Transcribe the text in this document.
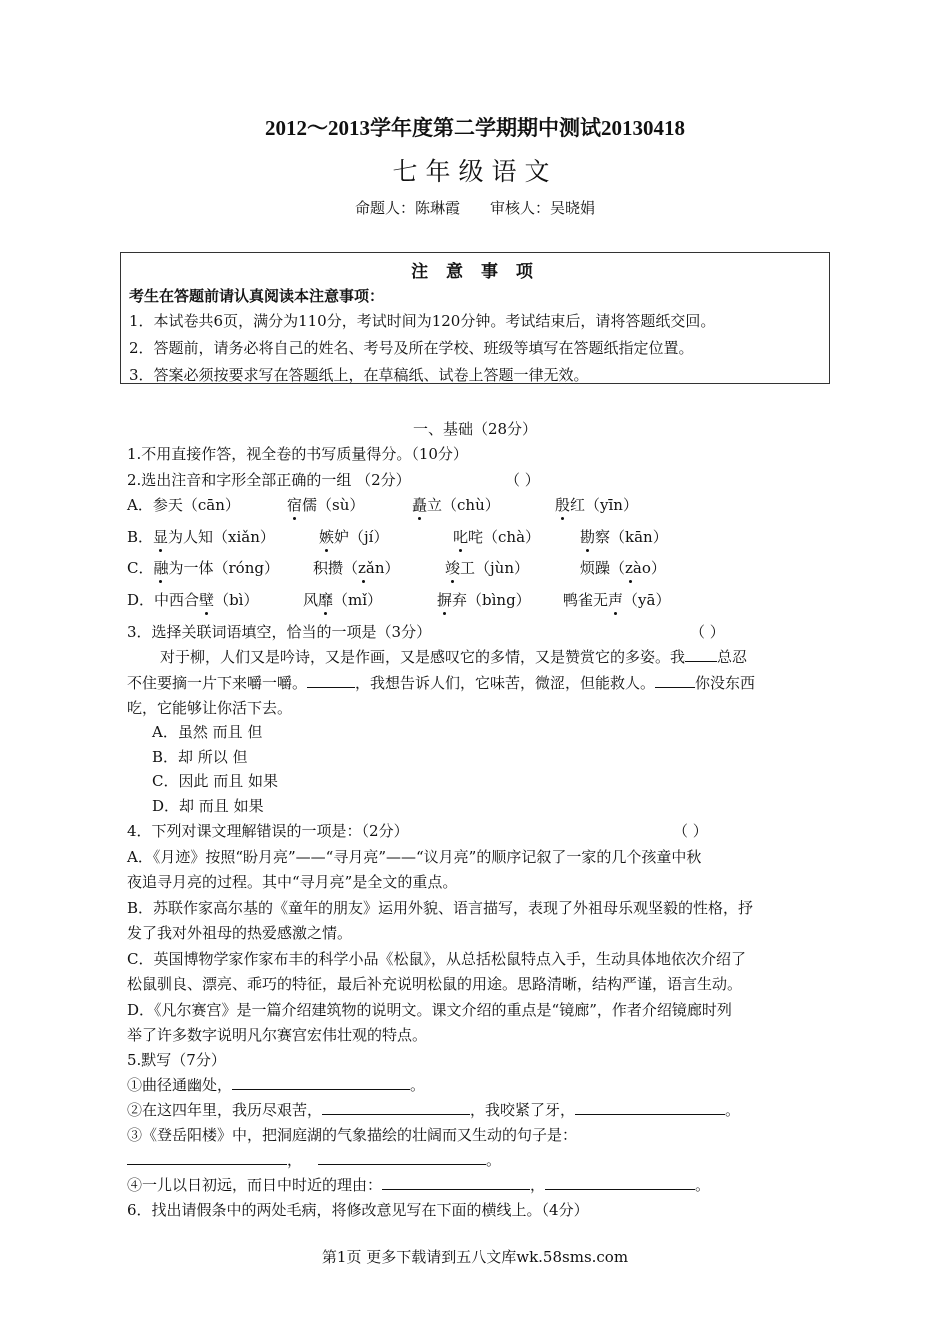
2012～2013学年度第二学期期中测试20130418
七年级语文
命题人：陈琳霞 审核人：吴晓娟
注 意 事 项
考生在答题前请认真阅读本注意事项：
1．本试卷共6页，满分为110分，考试时间为120分钟。考试结束后，请将答题纸交回。
2．答题前，请务必将自己的姓名、考号及所在学校、班级等填写在答题纸指定位置。
3．答案必须按要求写在答题纸上，在草稿纸、试卷上答题一律无效。
一、基础（28分）
1.不用直接作答，视全卷的书写质量得分。（10分）
2.选出注音和字形全部正确的一组 （2分）	（ ）
A．参天（cān）	宿儒（sù）	矗立（chù）	殷红（yīn）
B．显为人知（xiǎn）	嫉妒（jí）	叱咤（chà）	勘察（kān）
C．融为一体（róng） 积攒（zǎn）	竣工（jùn）	烦躁（zào）
D．中西合壁（bì）	风靡（mǐ）	摒弃（bìng） 鸭雀无声（yā）
3．选择关联词语填空，恰当的一项是（3分）	（ ）
对于柳，人们又是吟诗，又是作画，又是感叹它的多情，又是赞赏它的多姿。我 总忍
不住要摘一片下来嚼一嚼。	，我想告诉人们，它味苦，微涩，但能救人。	你没东西
吃，它能够让你活下去。
A．虽然 而且 但
B．却 所以 但
C．因此 而且 如果
D．却 而且 如果
4．下列对课文理解错误的一项是：（2分）	（ ）
A．《月迹》按照“盼月亮”——“寻月亮”——“议月亮”的顺序记叙了一家的几个孩童中秋
夜追寻月亮的过程。其中“寻月亮”是全文的重点。
B．苏联作家高尔基的《童年的朋友》运用外貌、语言描写，表现了外祖母乐观坚毅的性格，抒
发了我对外祖母的热爱感激之情。
C．英国博物学家作家布丰的科学小品《松鼠》，从总括松鼠特点入手，生动具体地依次介绍了
松鼠驯良、漂亮、乖巧的特征，最后补充说明松鼠的用途。思路清晰，结构严谨，语言生动。
D．《凡尔赛宫》是一篇介绍建筑物的说明文。课文介绍的重点是“镜廊”，作者介绍镜廊时列
举了许多数字说明凡尔赛宫宏伟壮观的特点。
5.默写（7分）
①曲径通幽处，	。
②在这四年里，我历尽艰苦，	，我咬紧了牙，	。
③《登岳阳楼》中，把洞庭湖的气象描绘的壮阔而又生动的句子是：
，	。
④一儿以日初远，而日中时近的理由：	，	。
6．找出请假条中的两处毛病，将修改意见写在下面的横线上。（4分）
第1页 更多下载请到五八文库wk.58sms.com
